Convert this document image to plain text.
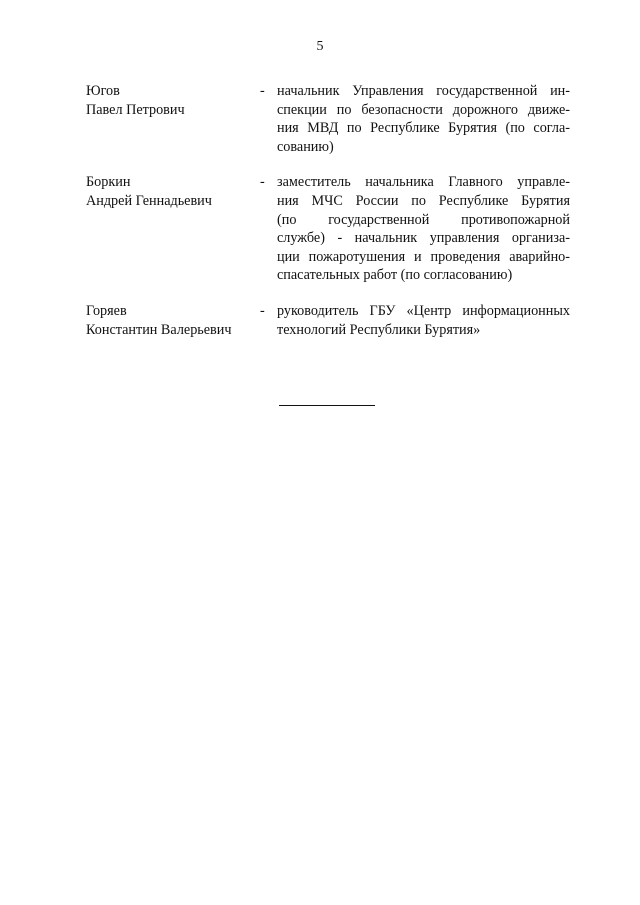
5
Югов
Павел Петрович
- начальник Управления государственной ин-
спекции по безопасности дорожного движе-
ния МВД по Республике Бурятия (по согла-
сованию)
Боркин
Андрей Геннадьевич
- заместитель начальника Главного управле-
ния МЧС России по Республике Бурятия
(по государственной противопожарной
службе) - начальник управления организа-
ции пожаротушения и проведения аварийно-
спасательных работ (по согласованию)
Горяев
Константин Валерьевич
- руководитель ГБУ «Центр информационных
технологий Республики Бурятия»
